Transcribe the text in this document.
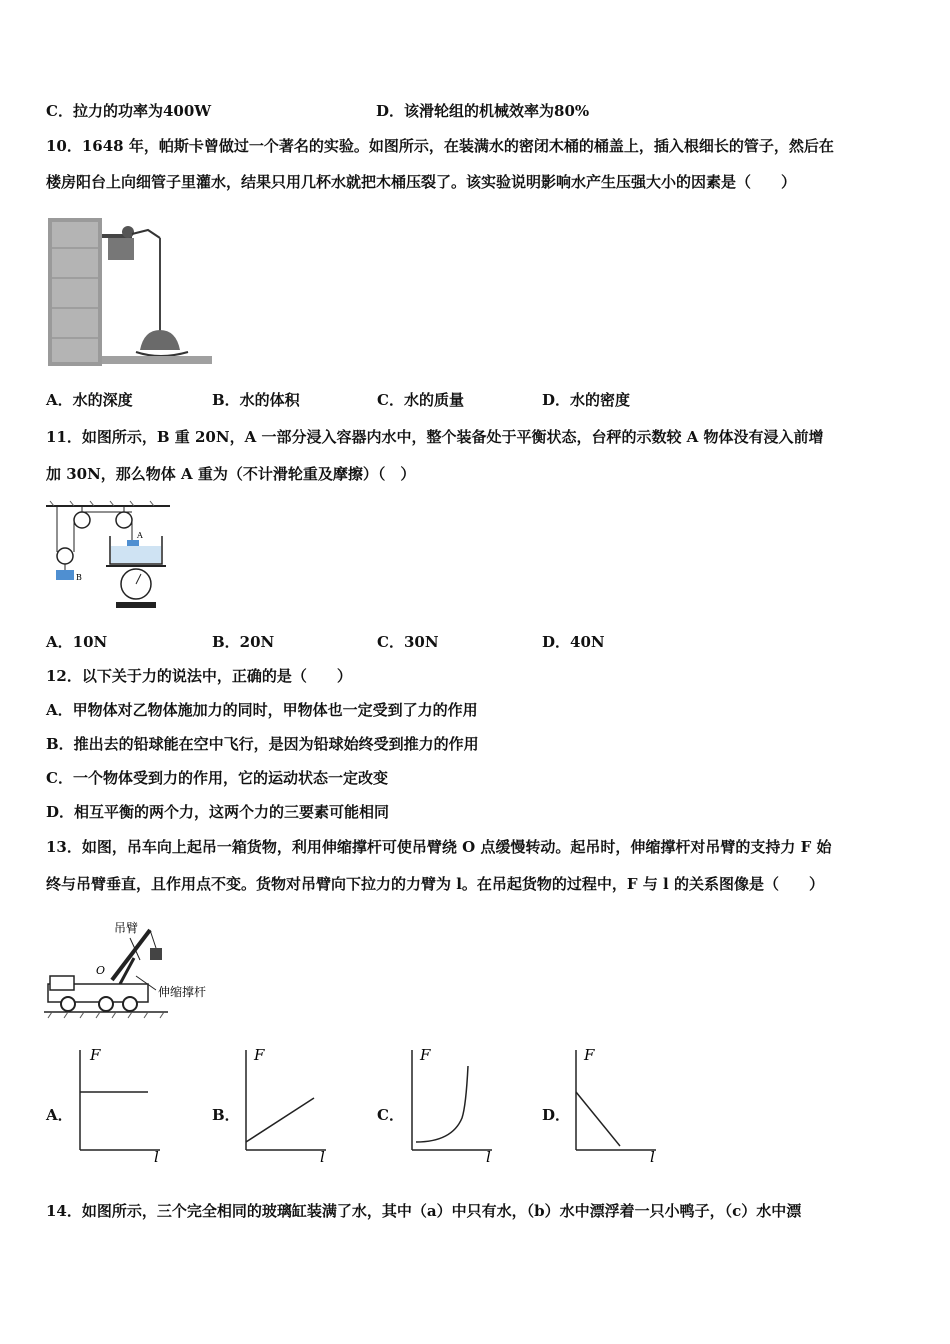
C．拉力的功率为400W	D．该滑轮组的机械效率为80%
10．1648 年，帕斯卡曾做过一个著名的实验。如图所示，在装满水的密闭木桶的桶盖上，插入根细长的管子，然后在
楼房阳台上向细管子里灌水，结果只用几杯水就把木桶压裂了。该实验说明影响水产生压强大小的因素是（　　）
A．水的深度	B．水的体积	C．水的质量	D．水的密度
11．如图所示，B 重 20N，A 一部分浸入容器内水中，整个装备处于平衡状态，台秤的示数较 A 物体没有浸入前增
加 30N，那么物体 A 重为（不计滑轮重及摩擦）（　）
B
A
A．10N	B．20N	C．30N	D．40N
12．以下关于力的说法中，正确的是（　　）
A．甲物体对乙物体施加力的同时，甲物体也一定受到了力的作用
B．推出去的铅球能在空中飞行，是因为铅球始终受到推力的作用
C．一个物体受到力的作用，它的运动状态一定改变
D．相互平衡的两个力，这两个力的三要素可能相同
13．如图，吊车向上起吊一箱货物，利用伸缩撑杆可使吊臂绕 O 点缓慢转动。起吊时，伸缩撑杆对吊臂的支持力 F 始
终与吊臂垂直，且作用点不变。货物对吊臂向下拉力的力臂为 l。在吊起货物的过程中，F 与 l 的关系图像是（　　）
吊臂
O
伸缩撑杆
A．
F
l
B．
F
l
C．
F
l
D．
F
l
14．如图所示，三个完全相同的玻璃缸装满了水，其中（a）中只有水，（b）水中漂浮着一只小鸭子，（c）水中漂
